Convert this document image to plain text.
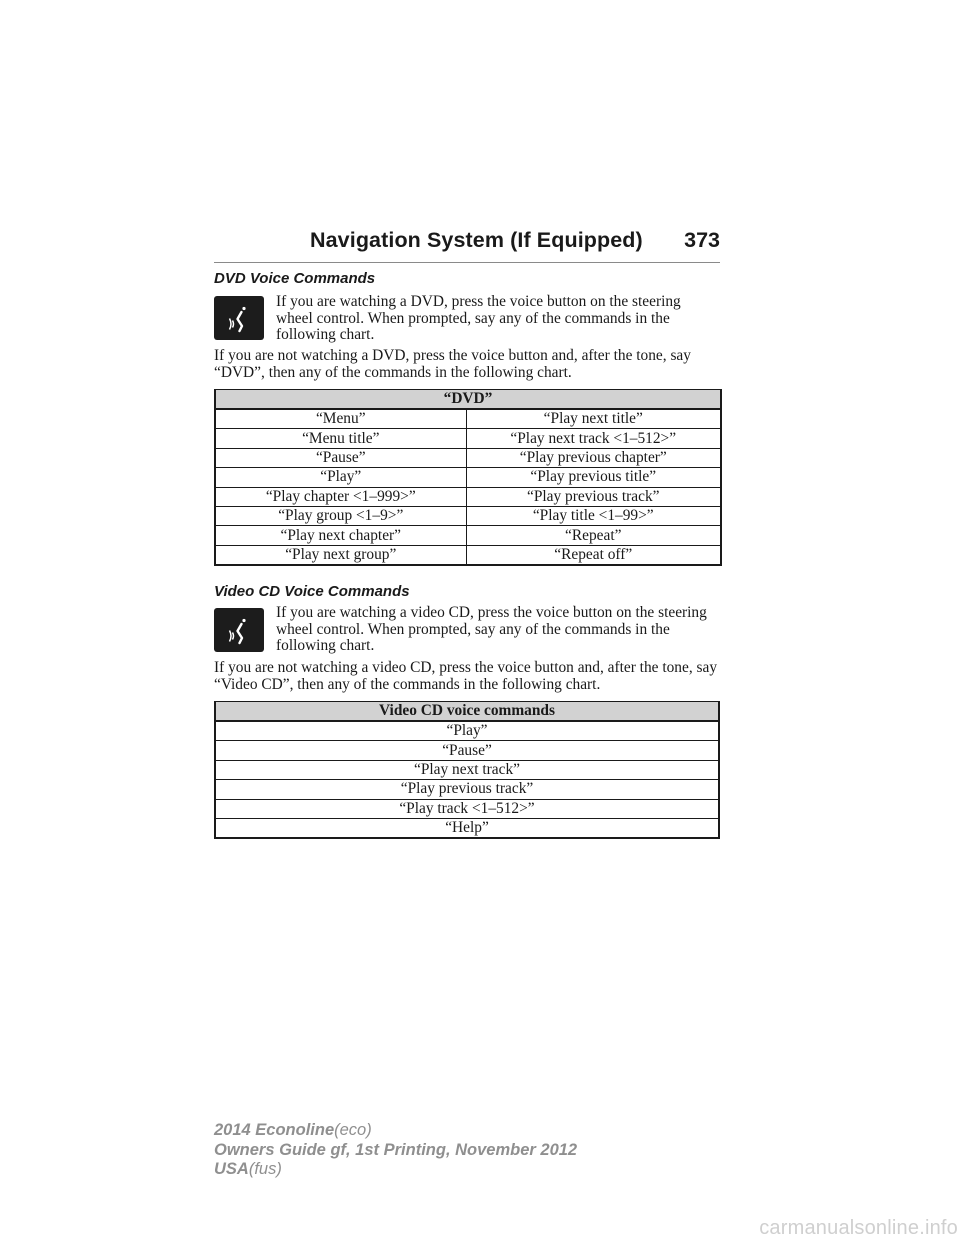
Navigation System (If Equipped) 373
DVD Voice Commands
If you are watching a DVD, press the voice button on the steering wheel control. When prompted, say any of the commands in the following chart.
If you are not watching a DVD, press the voice button and, after the tone, say “DVD”, then any of the commands in the following chart.
“DVD”	
“Menu”	“Play next title”
“Menu title”	“Play next track <1–512>”
“Pause”	“Play previous chapter”
“Play”	“Play previous title”
“Play chapter <1–999>”	“Play previous track”
“Play group <1–9>”	“Play title <1–99>”
“Play next chapter”	“Repeat”
“Play next group”	“Repeat off”
Video CD Voice Commands
If you are watching a video CD, press the voice button on the steering wheel control. When prompted, say any of the commands in the following chart.
If you are not watching a video CD, press the voice button and, after the tone, say “Video CD”, then any of the commands in the following chart.
Video CD voice commands
“Play”
“Pause”
“Play next track”
“Play previous track”
“Play track <1–512>”
“Help”
2014 Econoline(eco)
Owners Guide gf, 1st Printing, November 2012
USA(fus)
carmanualsonline.info
